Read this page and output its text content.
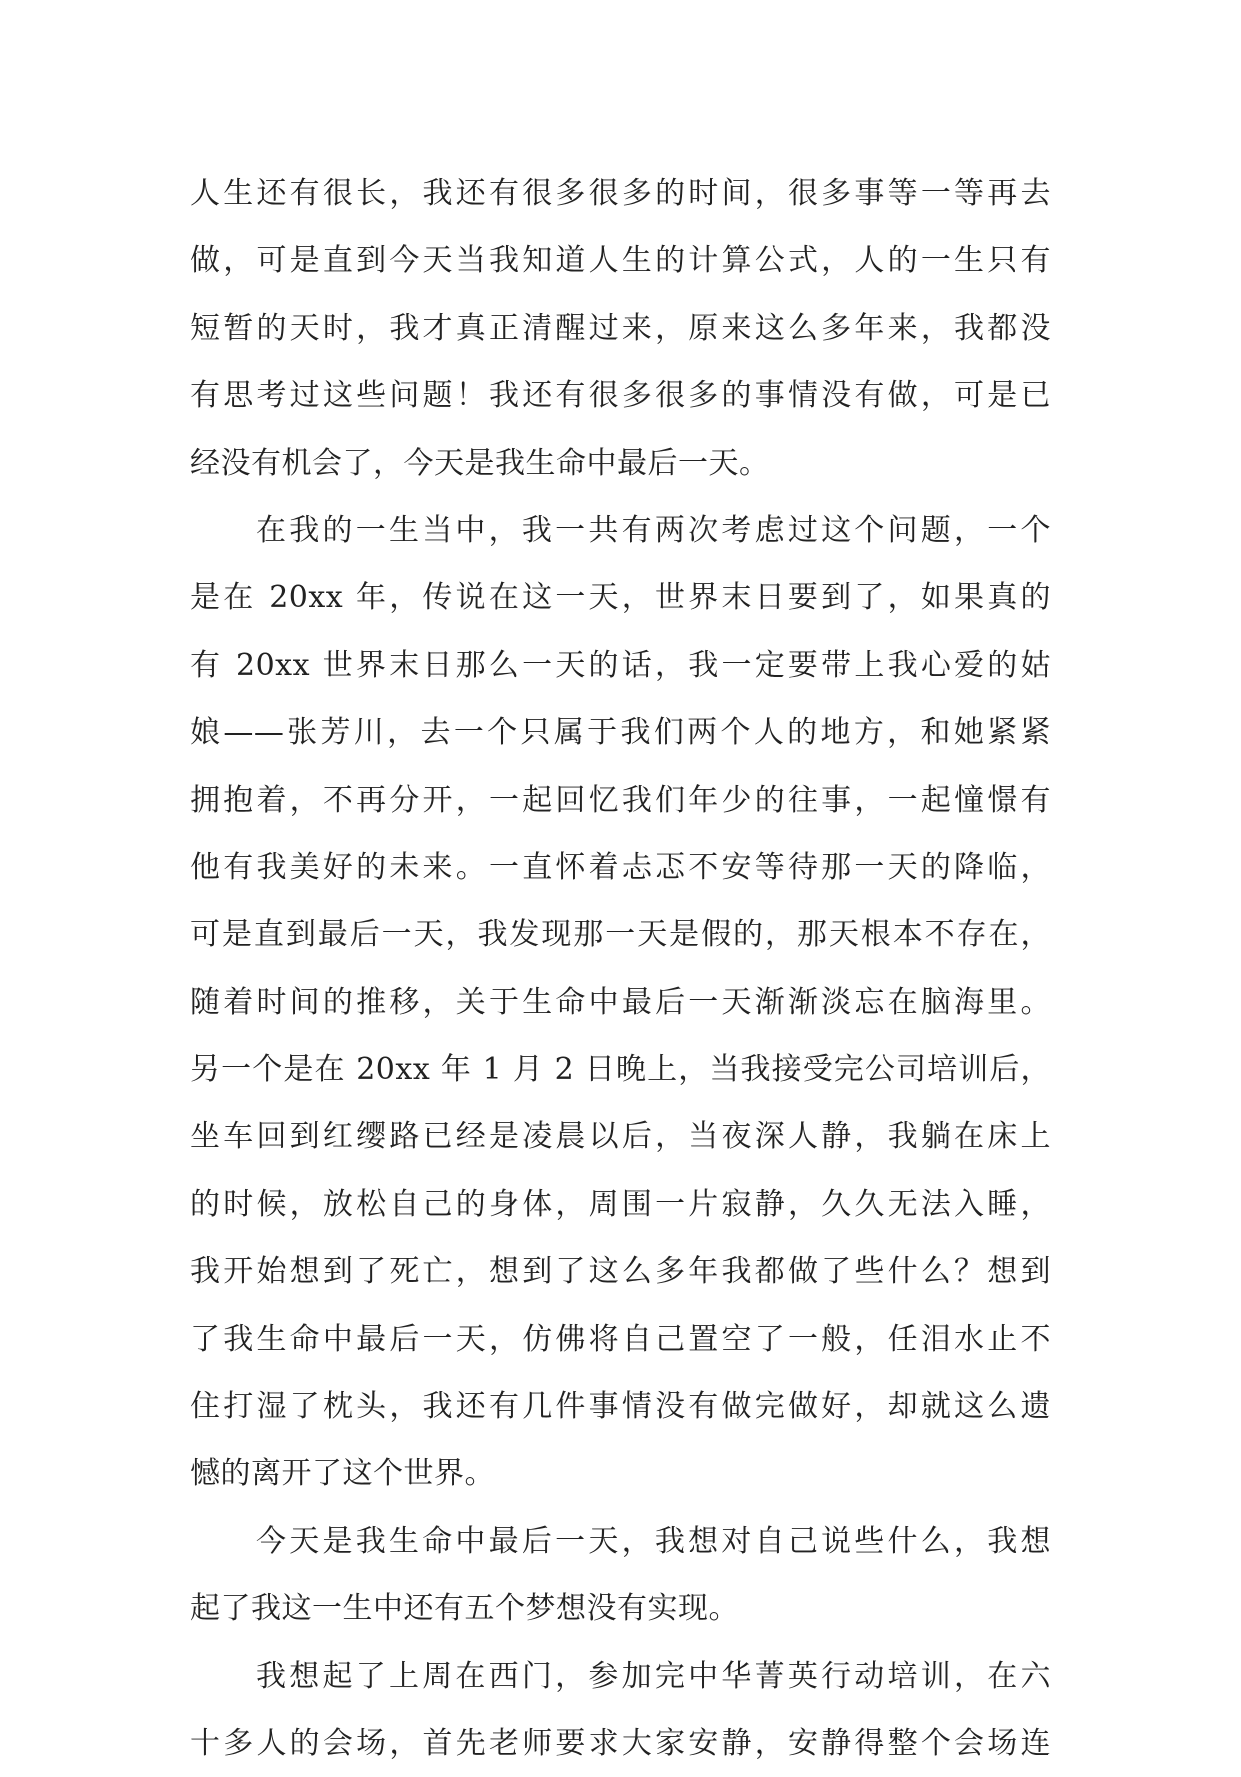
人生还有很长，我还有很多很多的时间，很多事等一等再去
做，可是直到今天当我知道人生的计算公式，人的一生只有
短暂的天时，我才真正清醒过来，原来这么多年来，我都没
有思考过这些问题！我还有很多很多的事情没有做，可是已
经没有机会了，今天是我生命中最后一天。
在我的一生当中，我一共有两次考虑过这个问题，一个
是在 20xx 年，传说在这一天，世界末日要到了，如果真的
有 20xx 世界末日那么一天的话，我一定要带上我心爱的姑
娘——张芳川，去一个只属于我们两个人的地方，和她紧紧
拥抱着，不再分开，一起回忆我们年少的往事，一起憧憬有
他有我美好的未来。一直怀着忐忑不安等待那一天的降临，
可是直到最后一天，我发现那一天是假的，那天根本不存在，
随着时间的推移，关于生命中最后一天渐渐淡忘在脑海里。
另一个是在 20xx 年 1 月 2 日晚上，当我接受完公司培训后，
坐车回到红缨路已经是凌晨以后，当夜深人静，我躺在床上
的时候，放松自己的身体，周围一片寂静，久久无法入睡，
我开始想到了死亡，想到了这么多年我都做了些什么？想到
了我生命中最后一天，仿佛将自己置空了一般，任泪水止不
住打湿了枕头，我还有几件事情没有做完做好，却就这么遗
憾的离开了这个世界。
今天是我生命中最后一天，我想对自己说些什么，我想
起了我这一生中还有五个梦想没有实现。
我想起了上周在西门，参加完中华菁英行动培训，在六
十多人的会场，首先老师要求大家安静，安静得整个会场连
